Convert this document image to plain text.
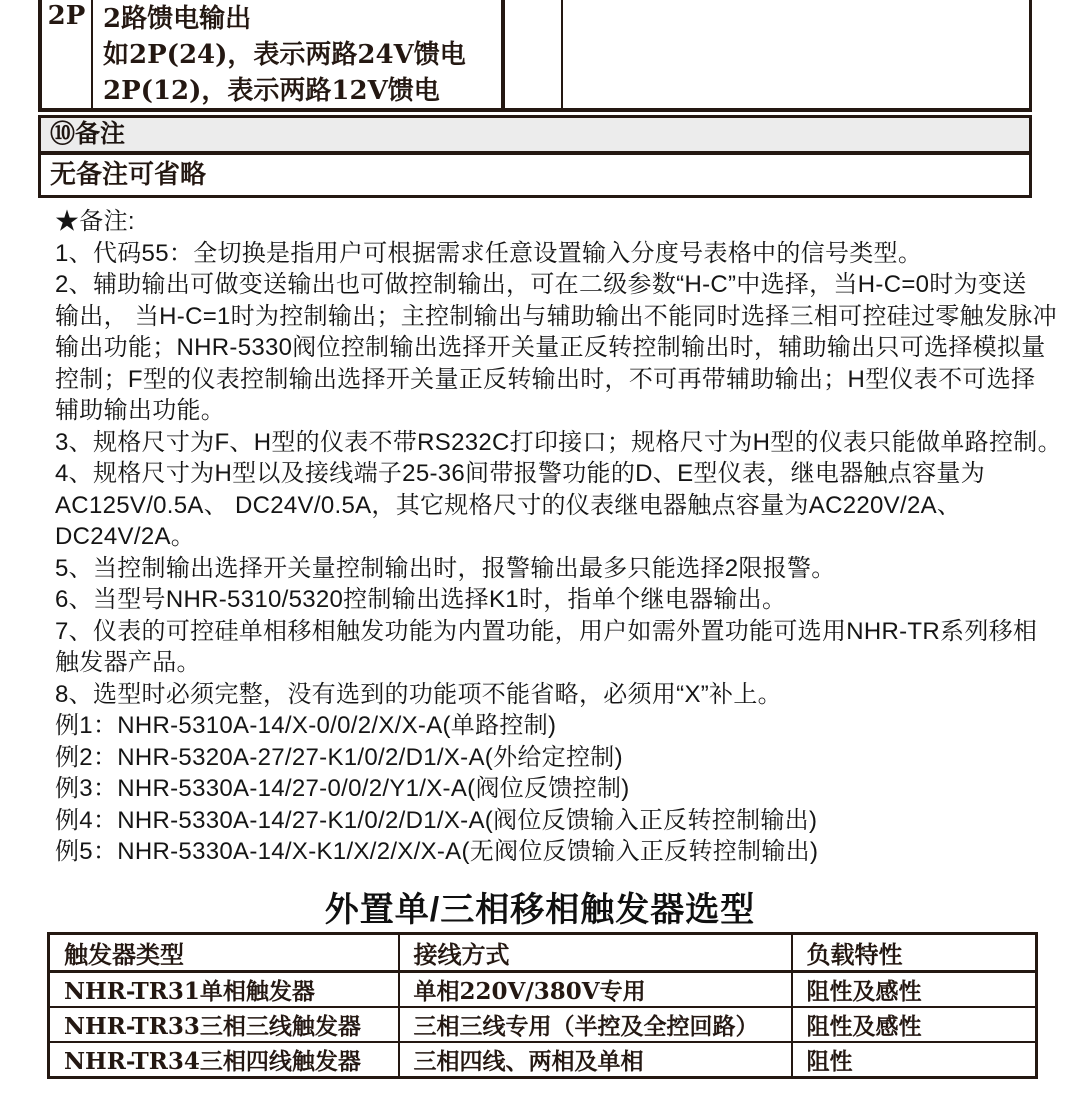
2P 2路馈电输出
如2P(24)，表示两路24V馈电
2P(12)，表示两路12V馈电
⑩备注
无备注可省略
★备注:
1、代码55：全切换是指用户可根据需求任意设置输入分度号表格中的信号类型。
2、辅助输出可做变送输出也可做控制输出，可在二级参数“H-C”中选择，当H-C=0时为变送
输出， 当H-C=1时为控制输出；主控制输出与辅助输出不能同时选择三相可控硅过零触发脉冲
输出功能；NHR-5330阀位控制输出选择开关量正反转控制输出时，辅助输出只可选择模拟量
控制；F型的仪表控制输出选择开关量正反转输出时，不可再带辅助输出；H型仪表不可选择
辅助输出功能。
3、规格尺寸为F、H型的仪表不带RS232C打印接口；规格尺寸为H型的仪表只能做单路控制。
4、规格尺寸为H型以及接线端子25-36间带报警功能的D、E型仪表，继电器触点容量为
AC125V/0.5A、 DC24V/0.5A，其它规格尺寸的仪表继电器触点容量为AC220V/2A、
DC24V/2A。
5、当控制输出选择开关量控制输出时，报警输出最多只能选择2限报警。
6、当型号NHR-5310/5320控制输出选择K1时，指单个继电器输出。
7、仪表的可控硅单相移相触发功能为内置功能，用户如需外置功能可选用NHR-TR系列移相
触发器产品。
8、选型时必须完整，没有选到的功能项不能省略，必须用“X”补上。
例1：NHR-5310A-14/X-0/0/2/X/X-A(单路控制)
例2：NHR-5320A-27/27-K1/0/2/D1/X-A(外给定控制)
例3：NHR-5330A-14/27-0/0/2/Y1/X-A(阀位反馈控制)
例4：NHR-5330A-14/27-K1/0/2/D1/X-A(阀位反馈输入正反转控制输出)
例5：NHR-5330A-14/X-K1/X/2/X/X-A(无阀位反馈输入正反转控制输出)
外置单/三相移相触发器选型
触发器类型	接线方式	负载特性
NHR-TR31单相触发器	单相220V/380V专用	阻性及感性
NHR-TR33三相三线触发器	三相三线专用（半控及全控回路）	阻性及感性
NHR-TR34三相四线触发器	三相四线、两相及单相	阻性
